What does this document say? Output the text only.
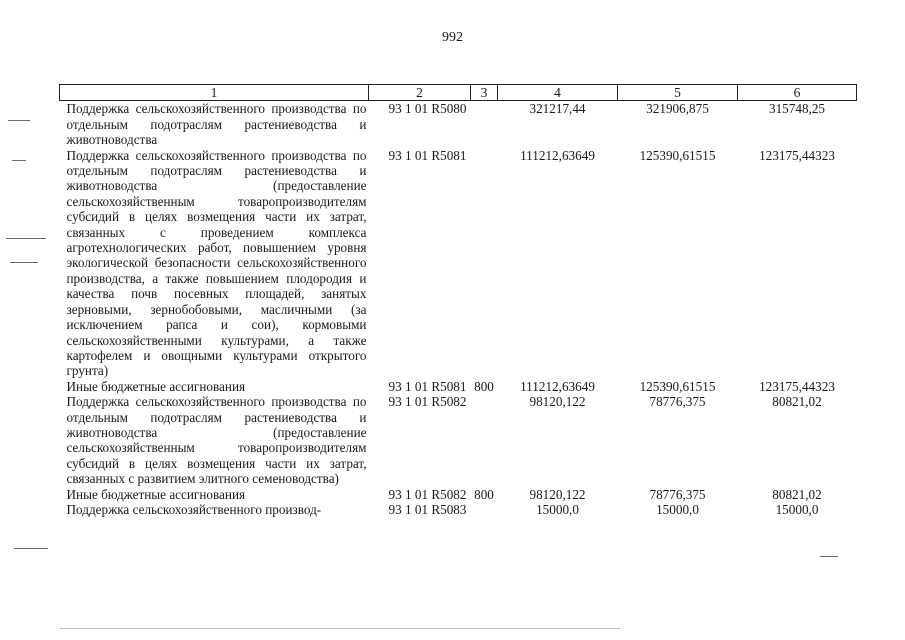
992
1	2	3	4	5	6
Поддержка сельскохозяйственного производства по отдельным подотраслям растениеводства и животноводства	93 1 01 R5080		321217,44	321906,875	315748,25
Поддержка сельскохозяйственного производства по отдельным подотраслям растениеводства и животноводства (предоставление сельскохозяйственным товаропроизводителям субсидий в целях возмещения части их затрат, связанных с проведением комплекса агротехнологических работ, повышением уровня экологической безопасности сельскохозяйственного производства, а также повышением плодородия и качества почв посевных площадей, занятых зерновыми, зернобобовыми, масличными (за исключением рапса и сои), кормовыми сельскохозяйственными культурами, а также картофелем и овощными культурами открытого грунта)	93 1 01 R5081		111212,63649	125390,61515	123175,44323
Иные бюджетные ассигнования	93 1 01 R5081	800	111212,63649	125390,61515	123175,44323
Поддержка сельскохозяйственного производства по отдельным подотраслям растениеводства и животноводства (предоставление сельскохозяйственным товаропроизводителям субсидий в целях возмещения части их затрат, связанных с развитием элитного семеноводства)	93 1 01 R5082		98120,122	78776,375	80821,02
Иные бюджетные ассигнования	93 1 01 R5082	800	98120,122	78776,375	80821,02
Поддержка сельскохозяйственного производ-	93 1 01 R5083		15000,0	15000,0	15000,0
